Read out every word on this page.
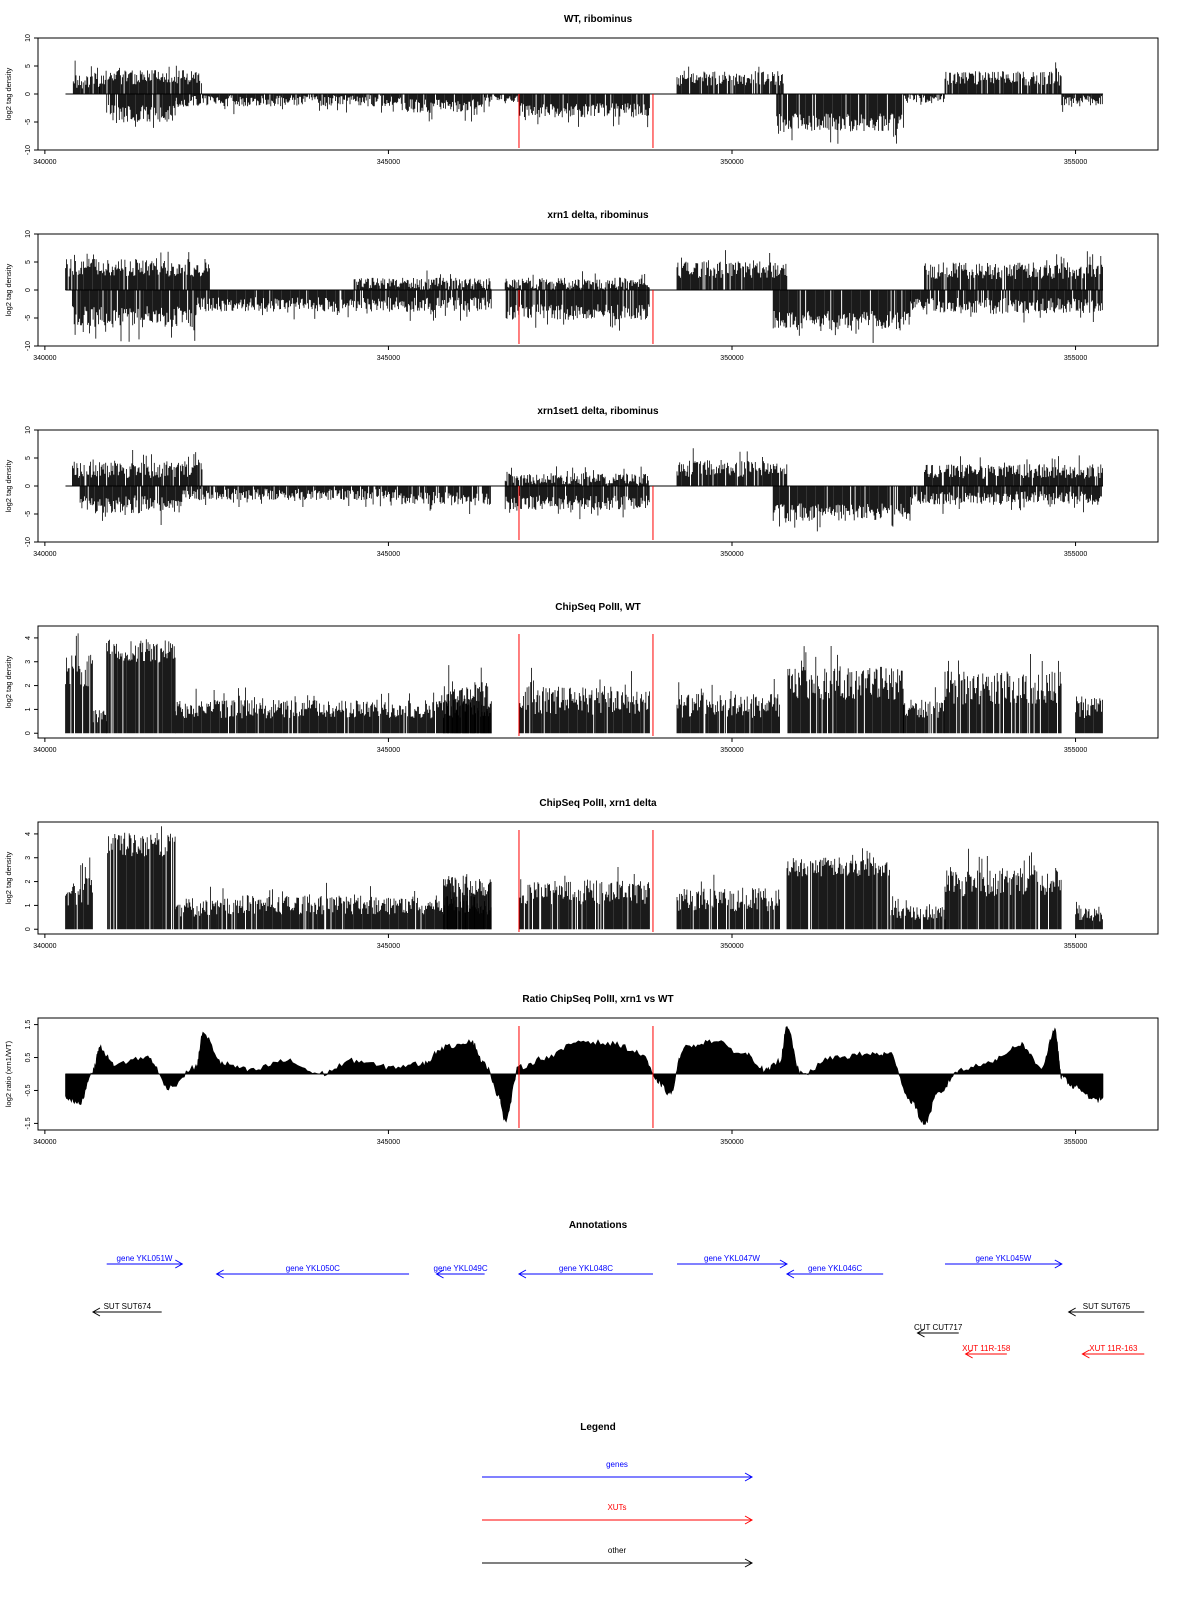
WT, ribominus
10
5
0
-5
-10
log2 tag density
340000	345000	350000	355000
xrn1 delta, ribominus
10
5
0
-5
-10
log2 tag density
340000	345000	350000	355000
xrn1set1 delta, ribominus
10
5
0
-5
-10
log2 tag density
340000	345000	350000	355000
ChipSeq PolII, WT
4
3
2
1
0
log2 tag density
340000	345000	350000	355000
ChipSeq PolII, xrn1 delta
4
3
2
1
0
log2 tag density
340000	345000	350000	355000
Ratio ChipSeq PolII, xrn1 vs WT
1.5
0.5
-0.5
-1.5
log2 ratio (xrn1/WT)
340000	345000	350000	355000
Annotations
gene YKL051W
gene YKL050C	gene YKL049C	gene YKL048C
gene YKL047W
gene YKL046C
gene YKL045W
SUT SUT674	SUT SUT675
CUT CUT717
XUT 11R-158	XUT 11R-163
Legend
genes
XUTs
other
